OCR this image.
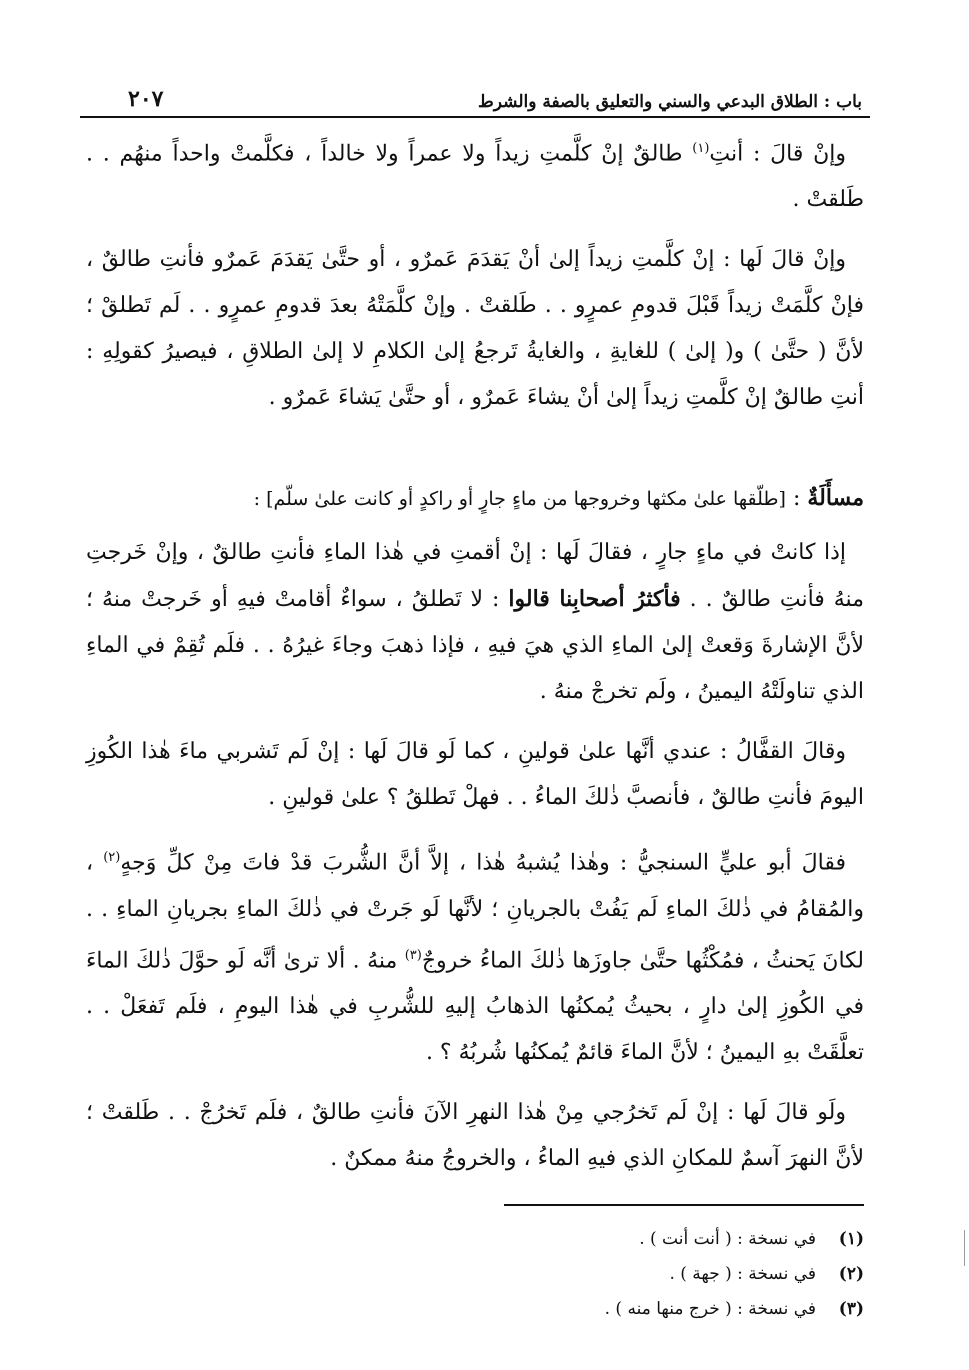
باب : الطلاق البدعي والسني والتعليق بالصفة والشرط
٢٠٧

وإنْ قالَ : أنتِ$^{(١)}$ طالقٌ إنْ كلَّمتِ زيداً ولا عمراً ولا خالداً ، فكلَّمتْ واحداً منهُم . . طَلقتْ .

وإنْ قالَ لَها : إنْ كلَّمتِ زيداً إلىٰ أنْ يَقدَمَ عَمرٌو ، أو حتَّىٰ يَقدَمَ عَمرٌو فأنتِ طالقٌ ، فإنْ كلَّمَتْ زيداً قَبْلَ قدومِ عمرٍو . . طَلقتْ . وإنْ كلَّمَتْهُ بعدَ قدومِ عمرٍو . . لَم تَطلقْ ؛ لأنَّ ( حتَّىٰ ) و( إلىٰ ) للغايةِ ، والغايةُ تَرجعُ إلىٰ الكلامِ لا إلىٰ الطلاقِ ، فيصيرُ كقولِهِ : أنتِ طالقٌ إنْ كلَّمتِ زيداً إلىٰ أنْ يشاءَ عَمرٌو ، أو حتَّىٰ يَشاءَ عَمرٌو .

مسأَلَةٌ : [طلّقها علىٰ مكثها وخروجها من ماءٍ جارٍ أو راكدٍ أو كانت علىٰ سلّم] :

إذا كانتْ في ماءٍ جارٍ ، فقالَ لَها : إنْ أقمتِ في هٰذا الماءِ فأنتِ طالقٌ ، وإنْ خَرجتِ منهُ فأنتِ طالقٌ . . فأكثرُ أصحابِنا قالوا : لا تَطلقُ ، سواءٌ أقامتْ فيهِ أو خَرجتْ منهُ ؛ لأنَّ الإشارةَ وَقعتْ إلىٰ الماءِ الذي هيَ فيهِ ، فإذا ذهبَ وجاءَ غيرُهُ . . فلَم تُقِمْ في الماءِ الذي تناولَتْهُ اليمينُ ، ولَم تخرجْ منهُ .

وقالَ القفَّالُ : عندي أنَّها علىٰ قولينِ ، كما لَو قالَ لَها : إنْ لَم تَشربي ماءَ هٰذا الكُوزِ اليومَ فأنتِ طالقٌ ، فأنصبَّ ذٰلكَ الماءُ . . فهلْ تَطلقُ ؟ علىٰ قولينِ .

فقالَ أبو عليٍّ السنجيُّ : وهٰذا يُشبهُ هٰذا ، إلاَّ أنَّ الشُّربَ قدْ فاتَ مِنْ كلِّ وَجهٍ$^{(٢)}$ ، والمُقامُ في ذٰلكَ الماءِ لَم يَفُتْ بالجريانِ ؛ لأنَّها لَو جَرتْ في ذٰلكَ الماءِ بجريانِ الماءِ . . لكانَ يَحنثُ ، فمُكْثُها حتَّىٰ جاوزَها ذٰلكَ الماءُ خروجٌ$^{(٣)}$ منهُ . ألا ترىٰ أنَّه لَو حوَّلَ ذٰلكَ الماءَ في الكُوزِ إلىٰ دارٍ ، بحيثُ يُمكنُها الذهابُ إليهِ للشُّربِ في هٰذا اليومِ ، فلَم تَفعَلْ . . تعلَّقَتْ بهِ اليمينُ ؛ لأنَّ الماءَ قائمٌ يُمكنُها شُربُهُ ؟ .

ولَو قالَ لَها : إنْ لَم تَخرُجي مِنْ هٰذا النهرِ الآنَ فأنتِ طالقٌ ، فلَم تَخرُجْ . . طَلقتْ ؛ لأنَّ النهرَ آسمٌ للمكانِ الذي فيهِ الماءُ ، والخروجُ منهُ ممكنٌ .

(١)
في نسخة : ( أنت أنت ) .
(٢)
في نسخة : ( جهة ) .
(٣)
في نسخة : ( خرج منها منه ) .
